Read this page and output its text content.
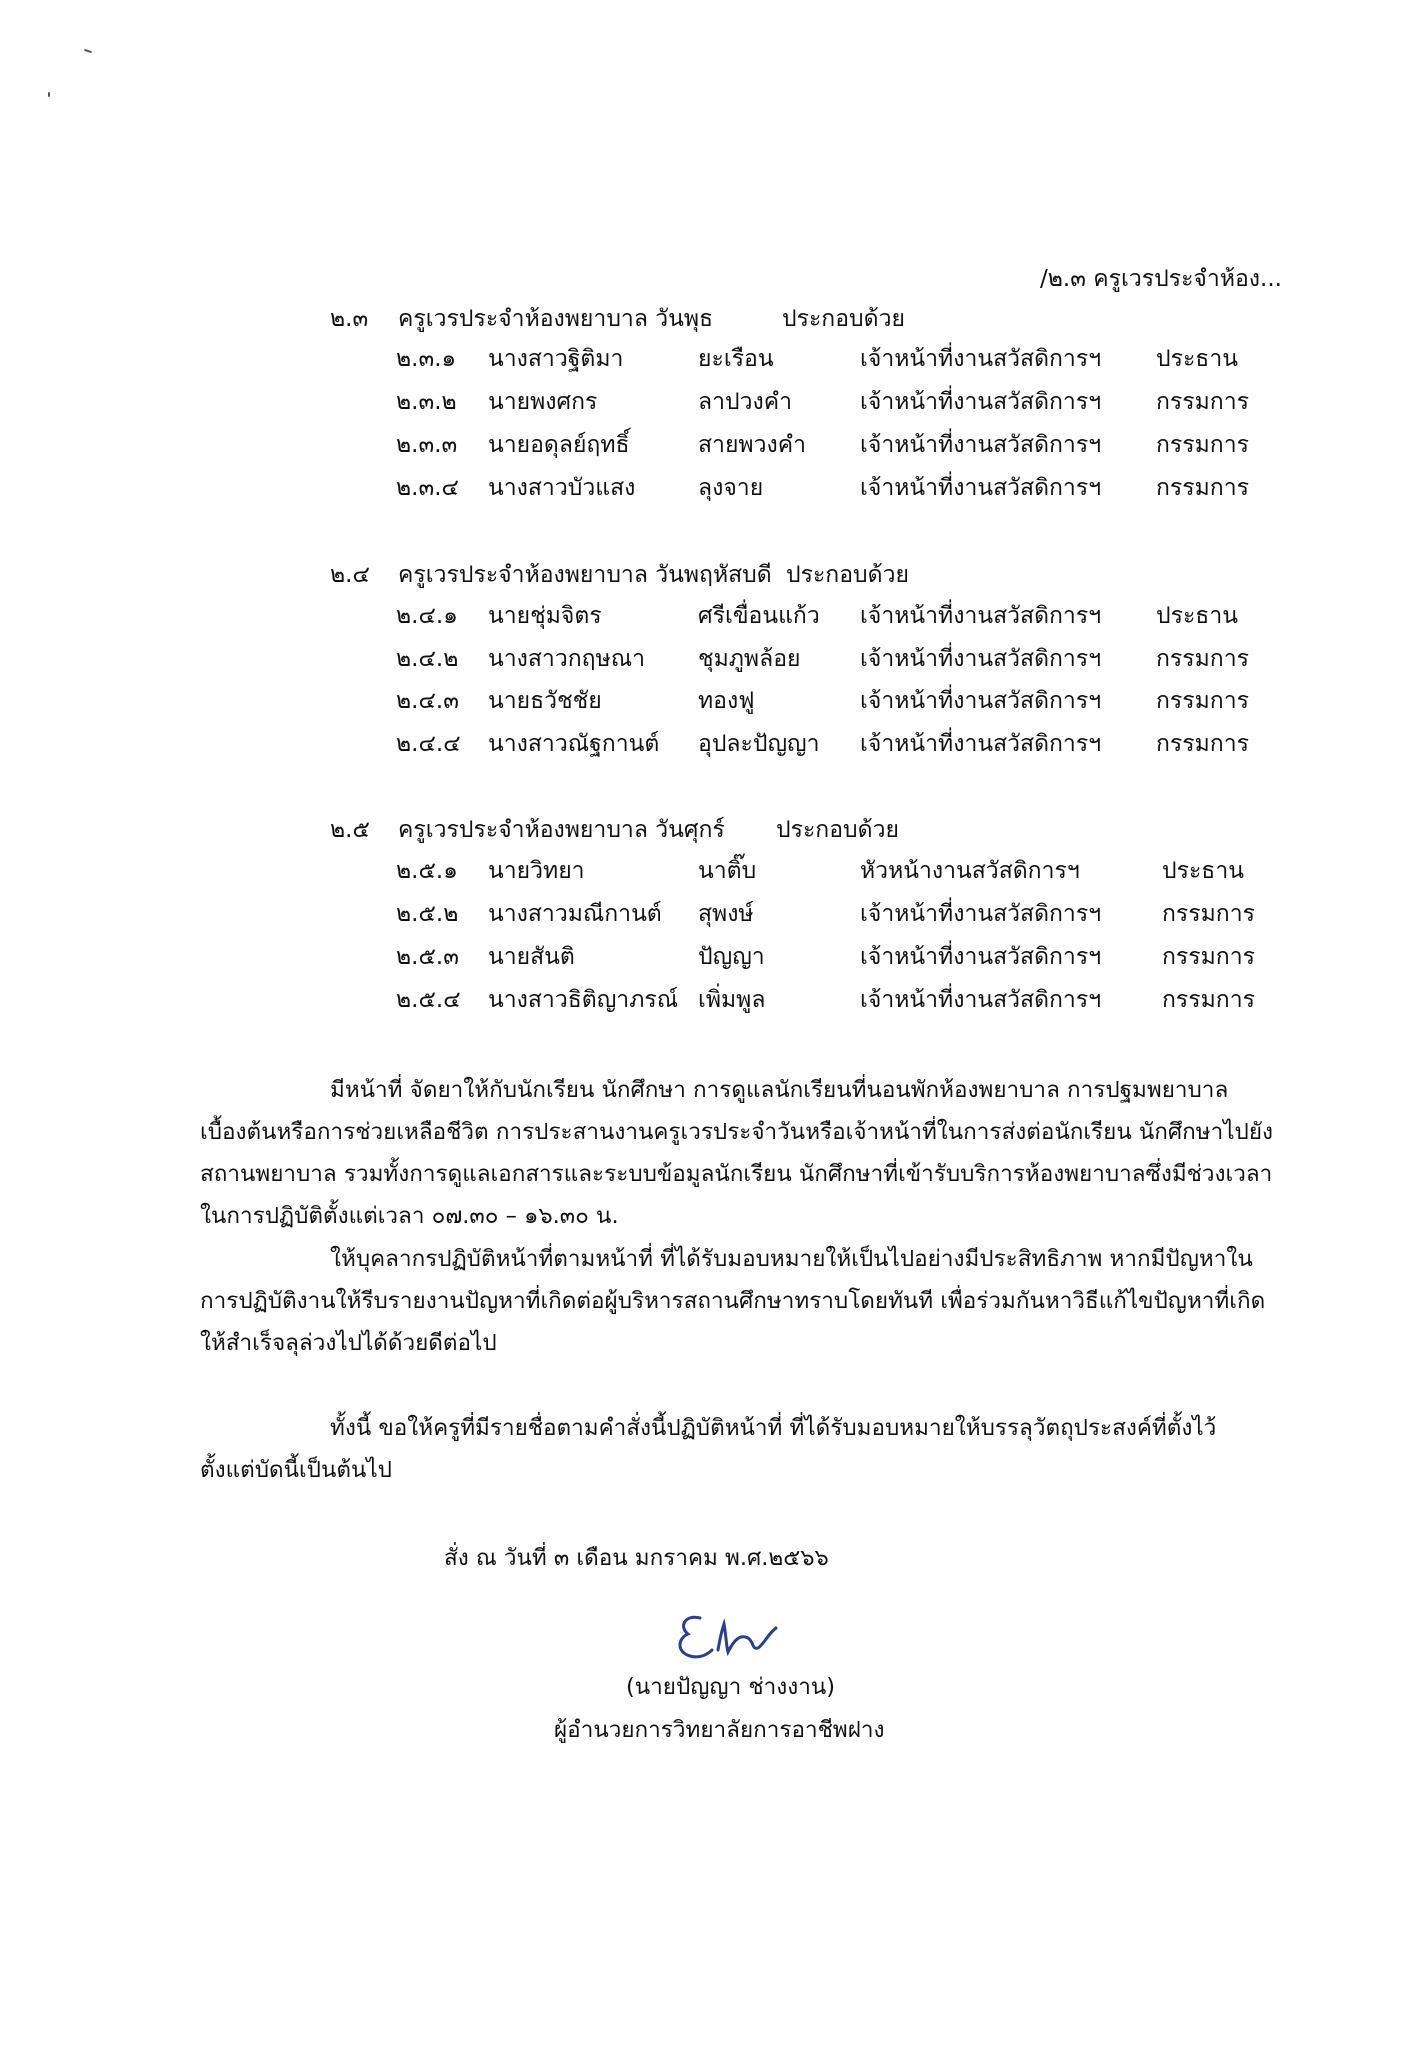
/๒.๓ ครูเวรประจำห้อง...
๒.๓ ครูเวรประจำห้องพยาบาล วันพุธ	ประกอบด้วย
๒.๓.๑ นางสาวฐิติมา	ยะเรือน	เจ้าหน้าที่งานสวัสดิการฯ ประธาน
๒.๓.๒ นายพงศกร	ลาปวงคำ	เจ้าหน้าที่งานสวัสดิการฯ กรรมการ
๒.๓.๓ นายอดุลย์ฤทธิ์	สายพวงคำ เจ้าหน้าที่งานสวัสดิการฯ กรรมการ
๒.๓.๔ นางสาวบัวแสง	ลุงจาย	เจ้าหน้าที่งานสวัสดิการฯ กรรมการ
๒.๔ ครูเวรประจำห้องพยาบาล วันพฤหัสบดี ประกอบด้วย
๒.๔.๑ นายชุ่มจิตร	ศรีเขื่อนแก้ว เจ้าหน้าที่งานสวัสดิการฯ ประธาน
๒.๔.๒ นางสาวกฤษณา ชุมภูพล้อย	เจ้าหน้าที่งานสวัสดิการฯ กรรมการ
๒.๔.๓ นายธวัชชัย	ทองฟู	เจ้าหน้าที่งานสวัสดิการฯ กรรมการ
๒.๔.๔ นางสาวณัฐกานต์ อุปละปัญญา เจ้าหน้าที่งานสวัสดิการฯ กรรมการ
๒.๕ ครูเวรประจำห้องพยาบาล วันศุกร์ ประกอบด้วย
๒.๕.๑ นายวิทยา	นาติ๊บ	หัวหน้างานสวัสดิการฯ	ประธาน
๒.๕.๒ นางสาวมณีกานต์ สุพงษ์	เจ้าหน้าที่งานสวัสดิการฯ	กรรมการ
๒.๕.๓ นายสันติ	ปัญญา	เจ้าหน้าที่งานสวัสดิการฯ	กรรมการ
๒.๕.๔ นางสาวธิติญาภรณ์ เพิ่มพูล	เจ้าหน้าที่งานสวัสดิการฯ	กรรมการ
มีหน้าที่ จัดยาให้กับนักเรียน นักศึกษา การดูแลนักเรียนที่นอนพักห้องพยาบาล การปฐมพยาบาล
เบื้องต้นหรือการช่วยเหลือชีวิต การประสานงานครูเวรประจำวันหรือเจ้าหน้าที่ในการส่งต่อนักเรียน นักศึกษาไปยัง
สถานพยาบาล รวมทั้งการดูแลเอกสารและระบบข้อมูลนักเรียน นักศึกษาที่เข้ารับบริการห้องพยาบาลซึ่งมีช่วงเวลา
ในการปฏิบัติตั้งแต่เวลา ๐๗.๓๐ – ๑๖.๓๐ น.
ให้บุคลากรปฏิบัติหน้าที่ตามหน้าที่ ที่ได้รับมอบหมายให้เป็นไปอย่างมีประสิทธิภาพ หากมีปัญหาใน
การปฏิบัติงานให้รีบรายงานปัญหาที่เกิดต่อผู้บริหารสถานศึกษาทราบโดยทันที เพื่อร่วมกันหาวิธีแก้ไขปัญหาที่เกิด
ให้สำเร็จลุล่วงไปได้ด้วยดีต่อไป
ทั้งนี้ ขอให้ครูที่มีรายชื่อตามคำสั่งนี้ปฏิบัติหน้าที่ ที่ได้รับมอบหมายให้บรรลุวัตถุประสงค์ที่ตั้งไว้
ตั้งแต่บัดนี้เป็นต้นไป
สั่ง ณ วันที่ ๓ เดือน มกราคม พ.ศ.๒๕๖๖
(นายปัญญา ช่างงาน)
ผู้อำนวยการวิทยาลัยการอาชีพฝาง
